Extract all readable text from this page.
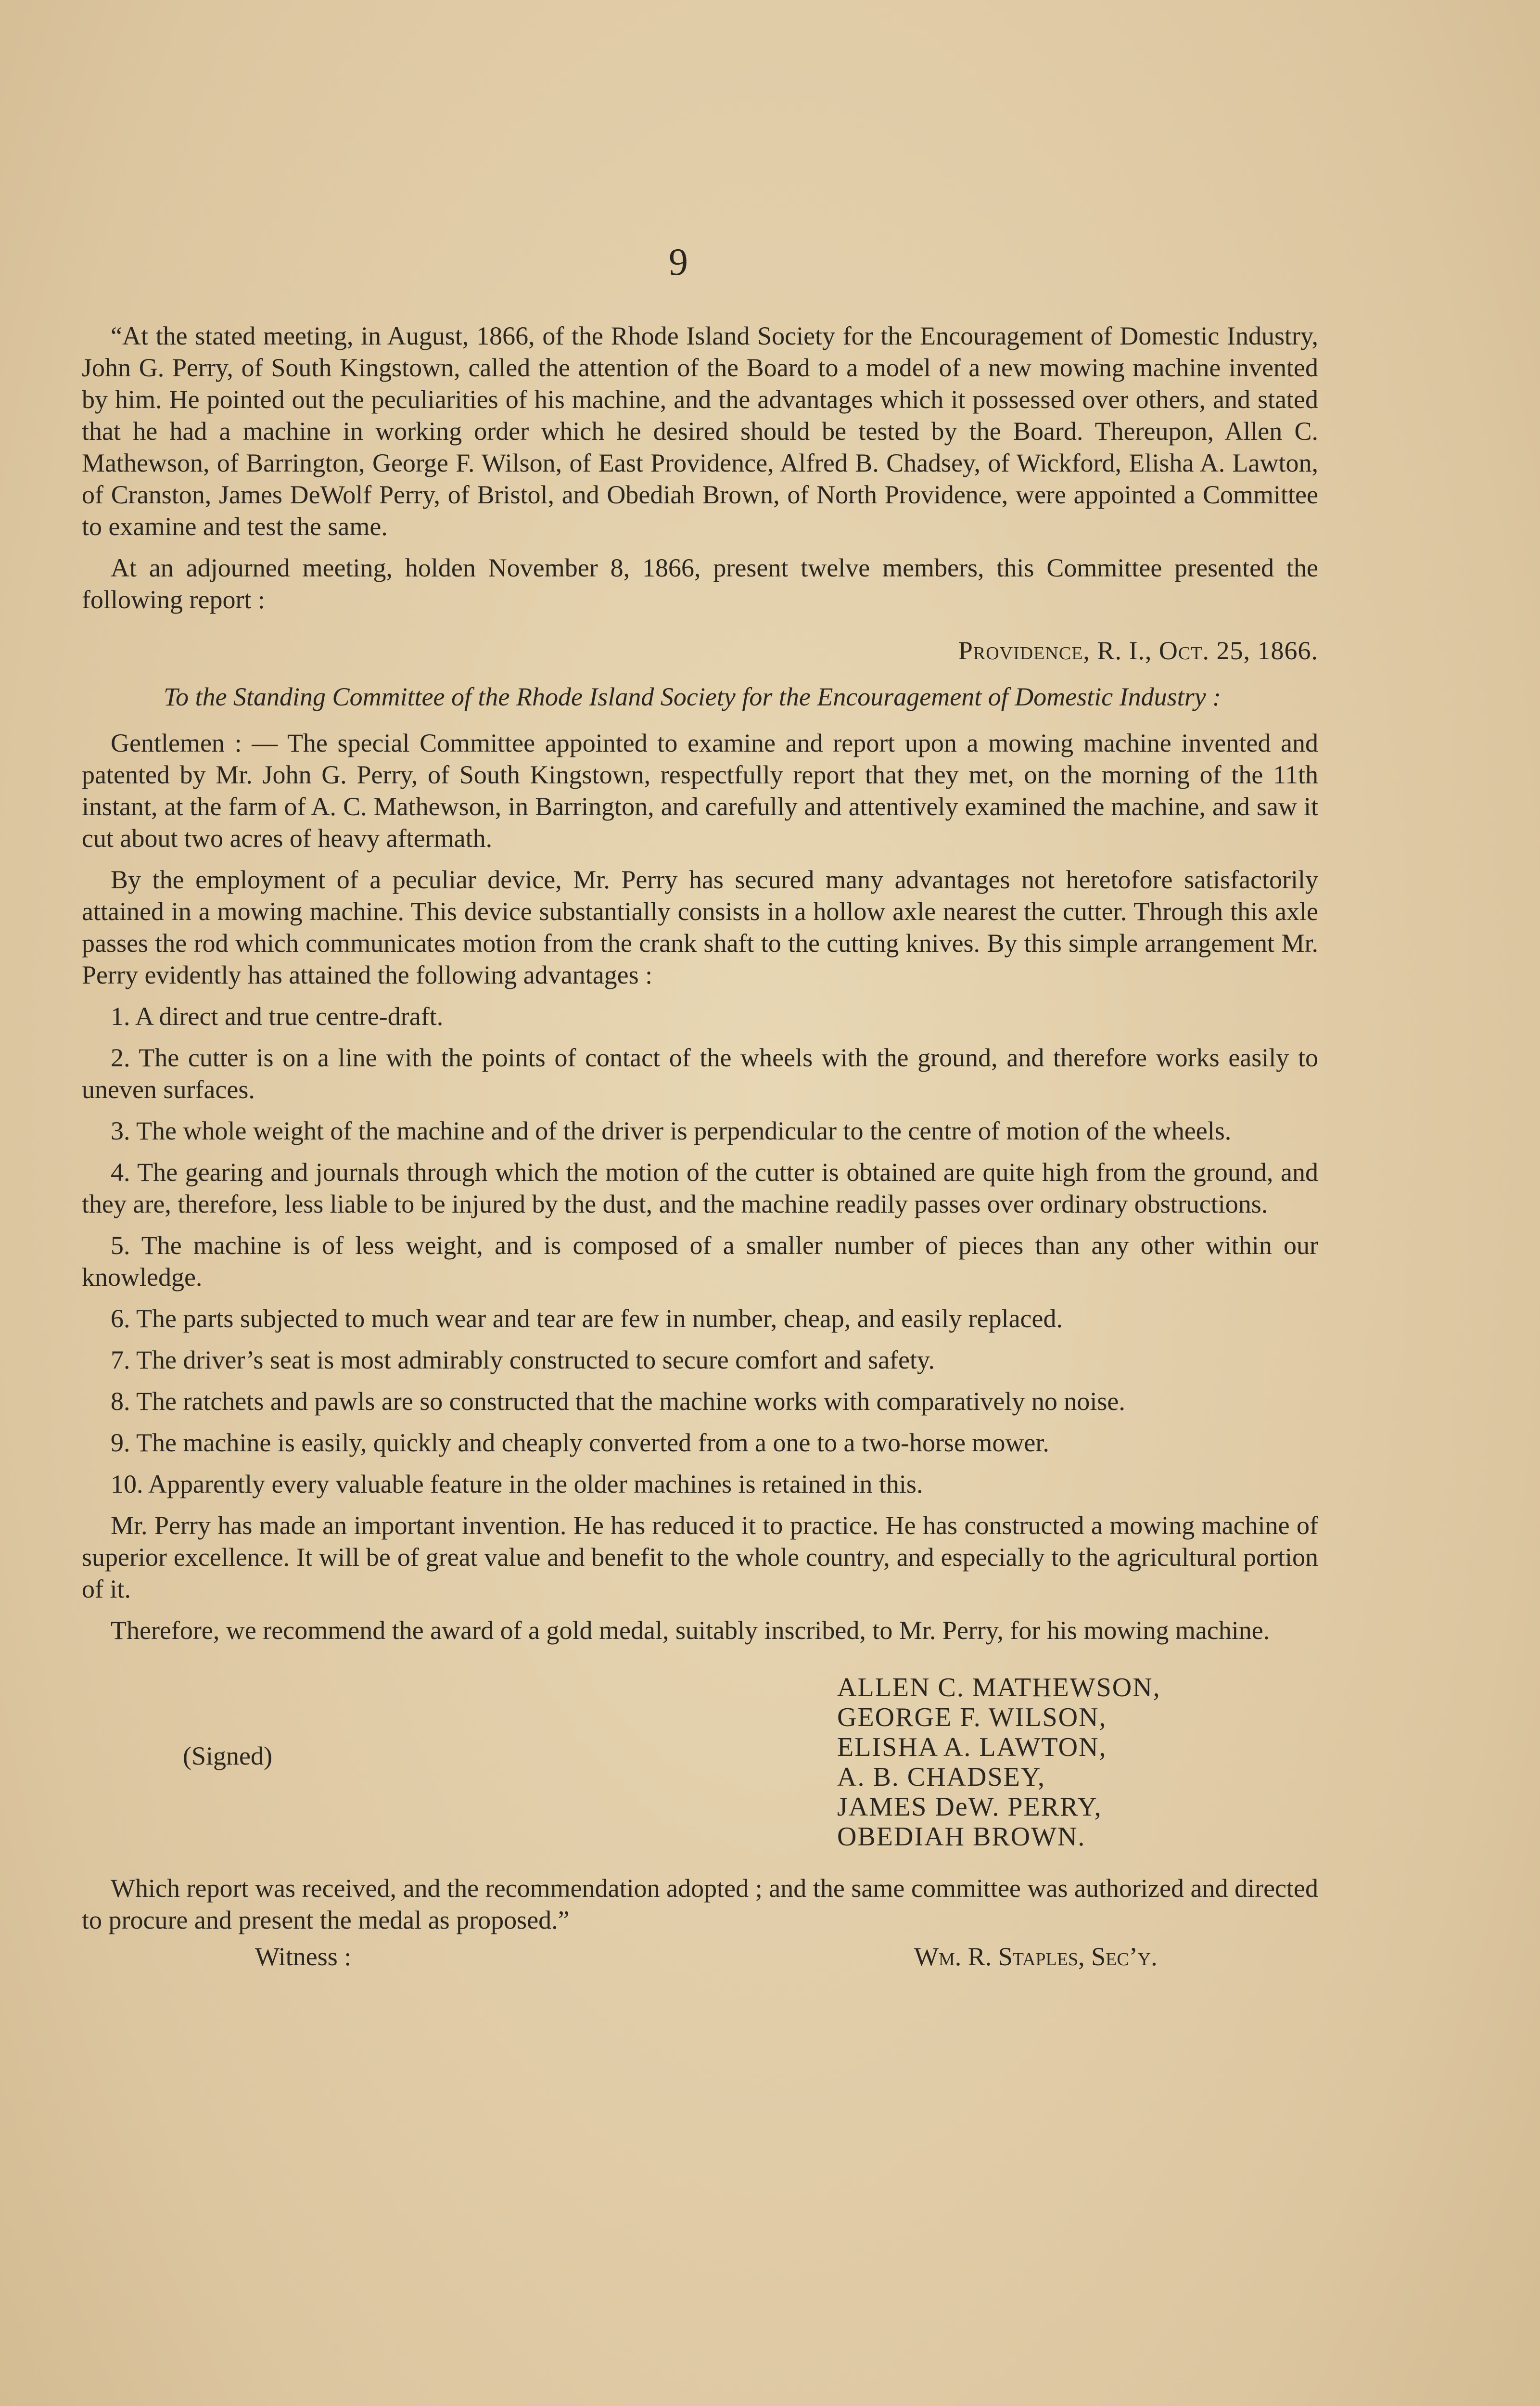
9

“At the stated meeting, in August, 1866, of the Rhode Island Society for the Encouragement of Domestic Industry, John G. Perry, of South Kingstown, called the attention of the Board to a model of a new mowing machine invented by him. He pointed out the peculiarities of his machine, and the advantages which it possessed over others, and stated that he had a machine in working order which he desired should be tested by the Board. Thereupon, Allen C. Mathewson, of Barrington, George F. Wilson, of East Providence, Alfred B. Chadsey, of Wickford, Elisha A. Lawton, of Cranston, James DeWolf Perry, of Bristol, and Obediah Brown, of North Providence, were appointed a Committee to examine and test the same.

At an adjourned meeting, holden November 8, 1866, present twelve members, this Committee presented the following report :

Providence, R. I., Oct. 25, 1866.

To the Standing Committee of the Rhode Island Society for the Encouragement of Domestic Industry :

Gentlemen : — The special Committee appointed to examine and report upon a mowing machine invented and patented by Mr. John G. Perry, of South Kingstown, respectfully report that they met, on the morning of the 11th instant, at the farm of A. C. Mathewson, in Barrington, and carefully and attentively examined the machine, and saw it cut about two acres of heavy aftermath.

By the employment of a peculiar device, Mr. Perry has secured many advantages not heretofore satisfactorily attained in a mowing machine. This device substantially consists in a hollow axle nearest the cutter. Through this axle passes the rod which communicates motion from the crank shaft to the cutting knives. By this simple arrangement Mr. Perry evidently has attained the following advantages :

1. A direct and true centre-draft.

2. The cutter is on a line with the points of contact of the wheels with the ground, and therefore works easily to uneven surfaces.

3. The whole weight of the machine and of the driver is perpendicular to the centre of motion of the wheels.

4. The gearing and journals through which the motion of the cutter is obtained are quite high from the ground, and they are, therefore, less liable to be injured by the dust, and the machine readily passes over ordinary obstructions.

5. The machine is of less weight, and is composed of a smaller number of pieces than any other within our knowledge.

6. The parts subjected to much wear and tear are few in number, cheap, and easily replaced.

7. The driver’s seat is most admirably constructed to secure comfort and safety.

8. The ratchets and pawls are so constructed that the machine works with comparatively no noise.

9. The machine is easily, quickly and cheaply converted from a one to a two-horse mower.

10. Apparently every valuable feature in the older machines is retained in this.

Mr. Perry has made an important invention. He has reduced it to practice. He has constructed a mowing machine of superior excellence. It will be of great value and benefit to the whole country, and especially to the agricultural portion of it.

Therefore, we recommend the award of a gold medal, suitably inscribed, to Mr. Perry, for his mowing machine.

(Signed)
ALLEN C. MATHEWSON,
GEORGE F. WILSON,
ELISHA A. LAWTON,
A. B. CHADSEY,
JAMES DeW. PERRY,
OBEDIAH BROWN.

Which report was received, and the recommendation adopted ; and the same committee was authorized and directed to procure and present the medal as proposed.”

Witness :	Wm. R. Staples, Sec’y.
